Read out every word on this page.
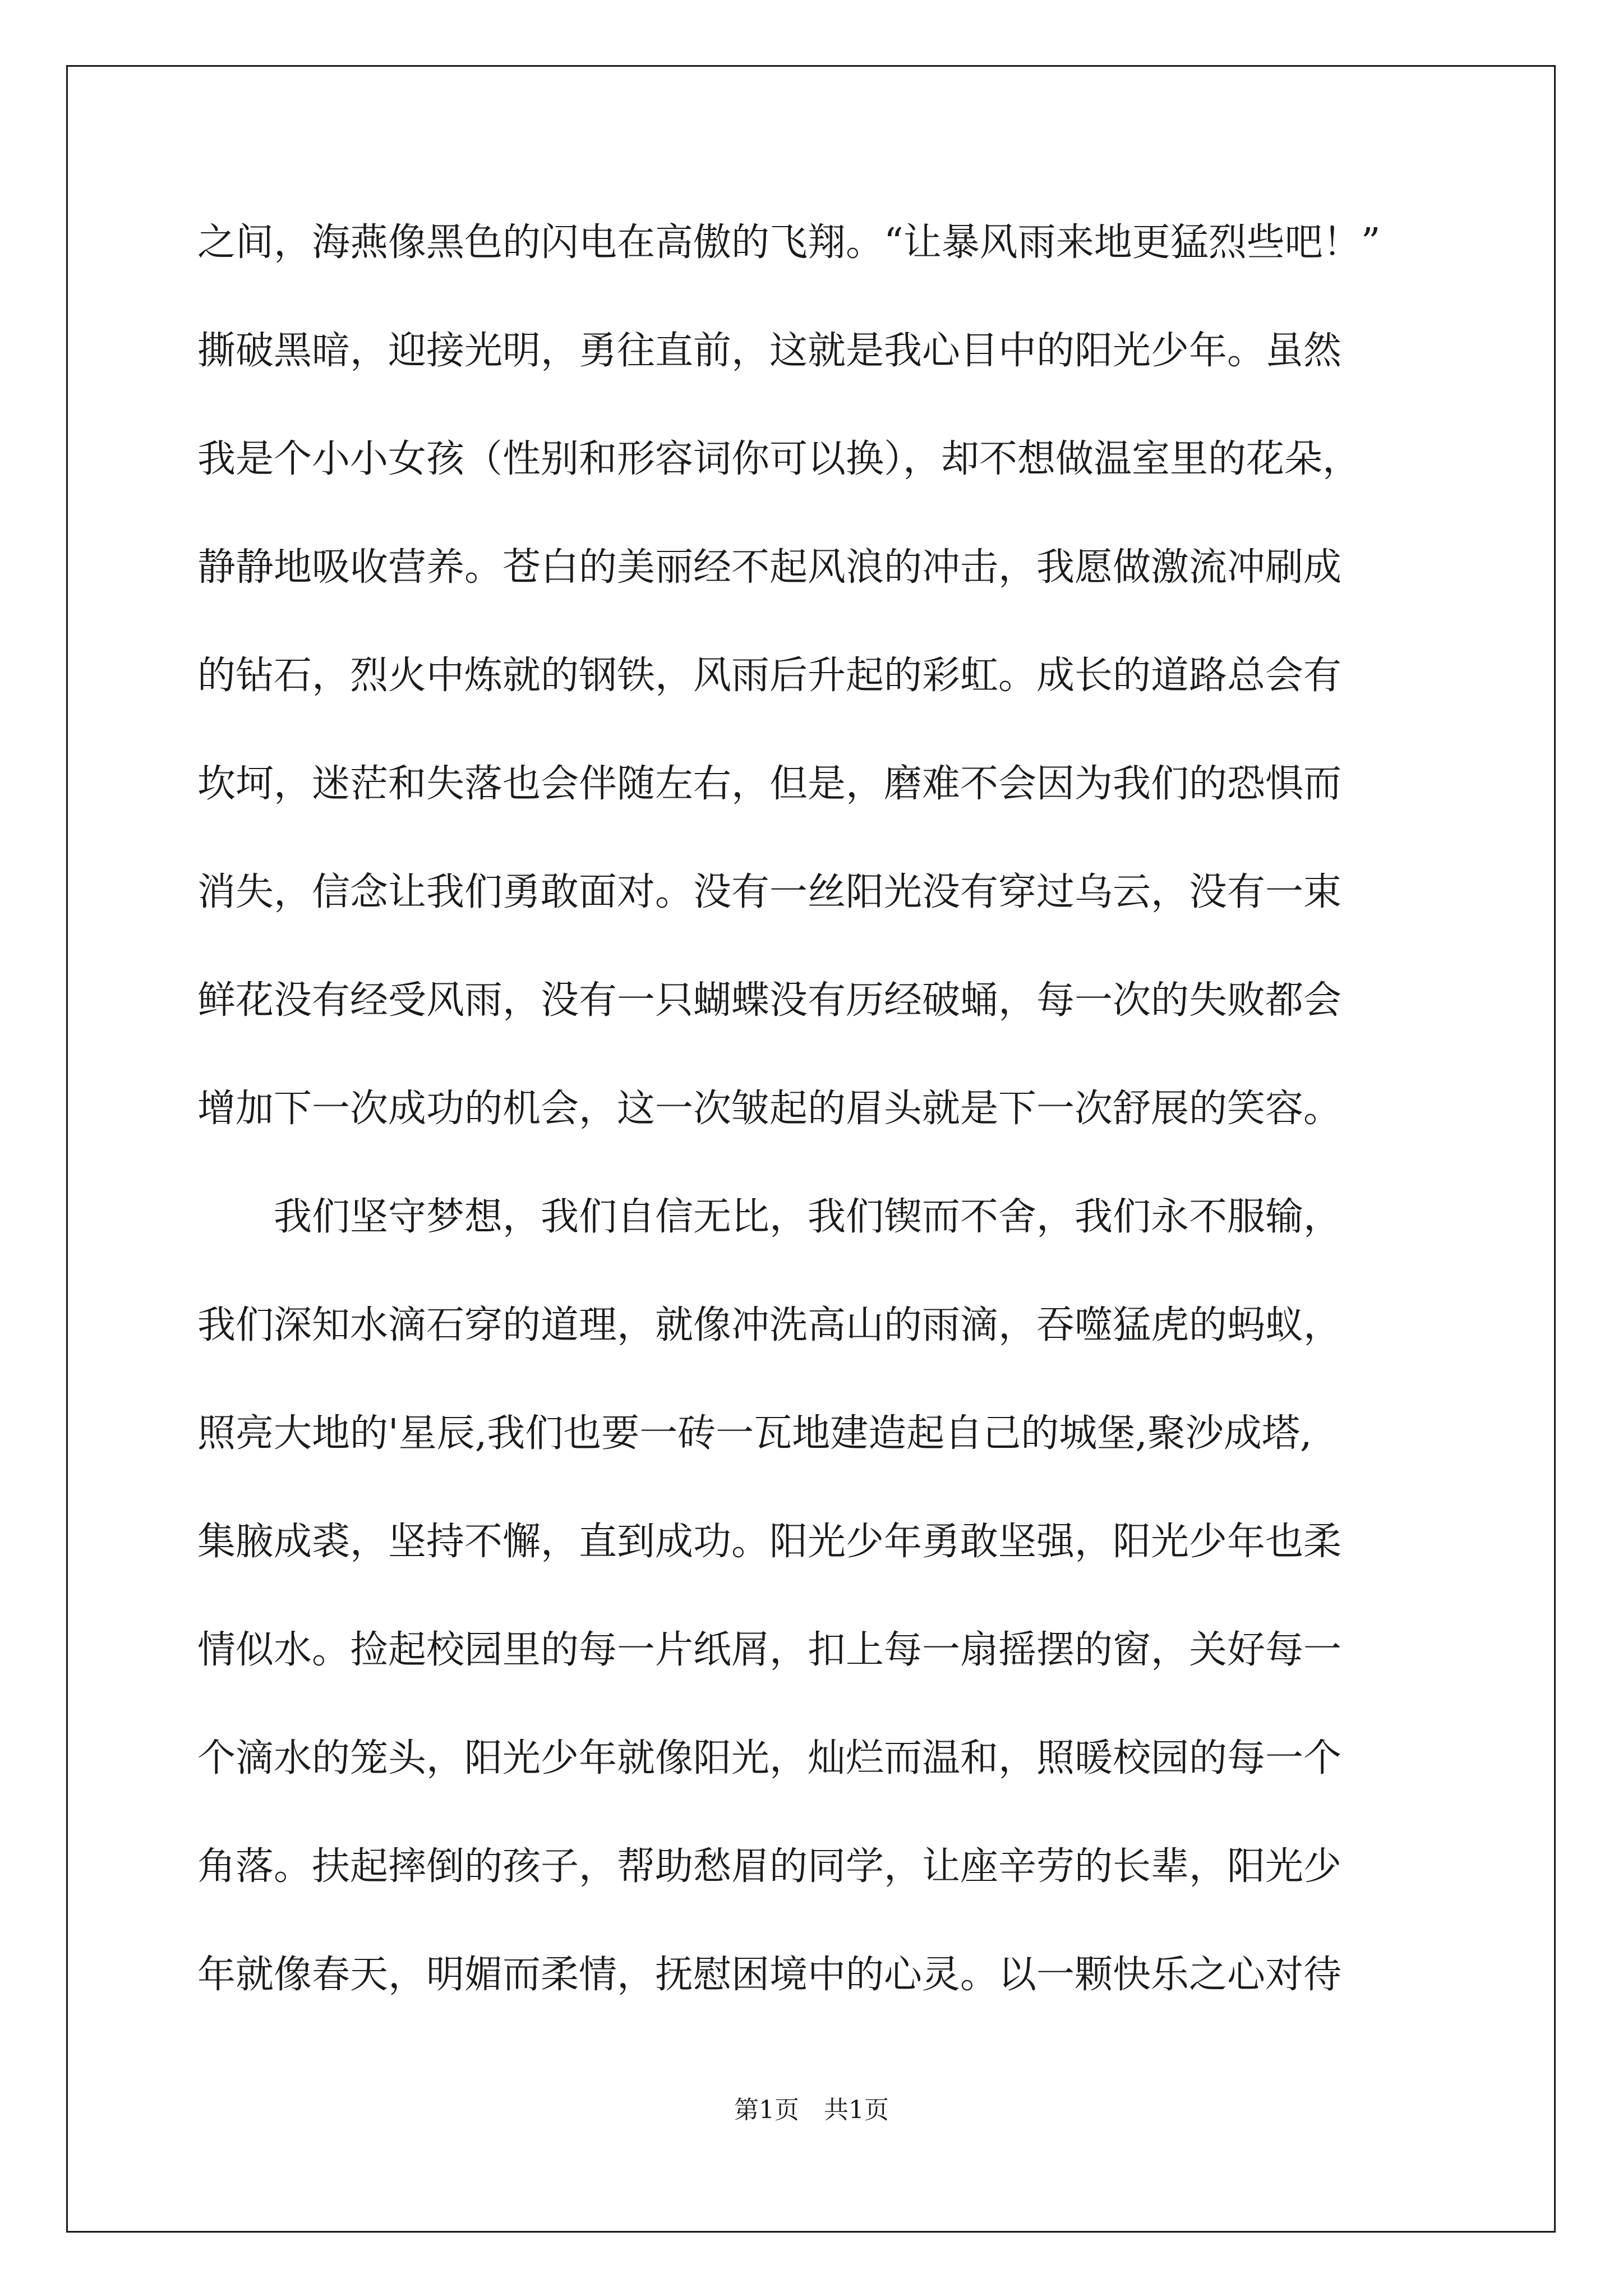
之间，海燕像黑色的闪电在高傲的飞翔。“让暴风雨来地更猛烈些吧！”
撕破黑暗，迎接光明，勇往直前，这就是我心目中的阳光少年。虽然
我是个小小女孩（性别和形容词你可以换），却不想做温室里的花朵，
静静地吸收营养。苍白的美丽经不起风浪的冲击，我愿做激流冲刷成
的钻石，烈火中炼就的钢铁，风雨后升起的彩虹。成长的道路总会有
坎坷，迷茫和失落也会伴随左右，但是，磨难不会因为我们的恐惧而
消失，信念让我们勇敢面对。没有一丝阳光没有穿过乌云，没有一束
鲜花没有经受风雨，没有一只蝴蝶没有历经破蛹，每一次的失败都会
增加下一次成功的机会，这一次皱起的眉头就是下一次舒展的笑容。
我们坚守梦想，我们自信无比，我们锲而不舍，我们永不服输，
我们深知水滴石穿的道理，就像冲洗高山的雨滴，吞噬猛虎的蚂蚁，
照亮大地的'星辰,我们也要一砖一瓦地建造起自己的城堡,聚沙成塔,
集腋成裘，坚持不懈，直到成功。阳光少年勇敢坚强，阳光少年也柔
情似水。捡起校园里的每一片纸屑，扣上每一扇摇摆的窗，关好每一
个滴水的笼头，阳光少年就像阳光，灿烂而温和，照暖校园的每一个
角落。扶起摔倒的孩子，帮助愁眉的同学，让座辛劳的长辈，阳光少
年就像春天，明媚而柔情，抚慰困境中的心灵。以一颗快乐之心对待
第1页　共1页
